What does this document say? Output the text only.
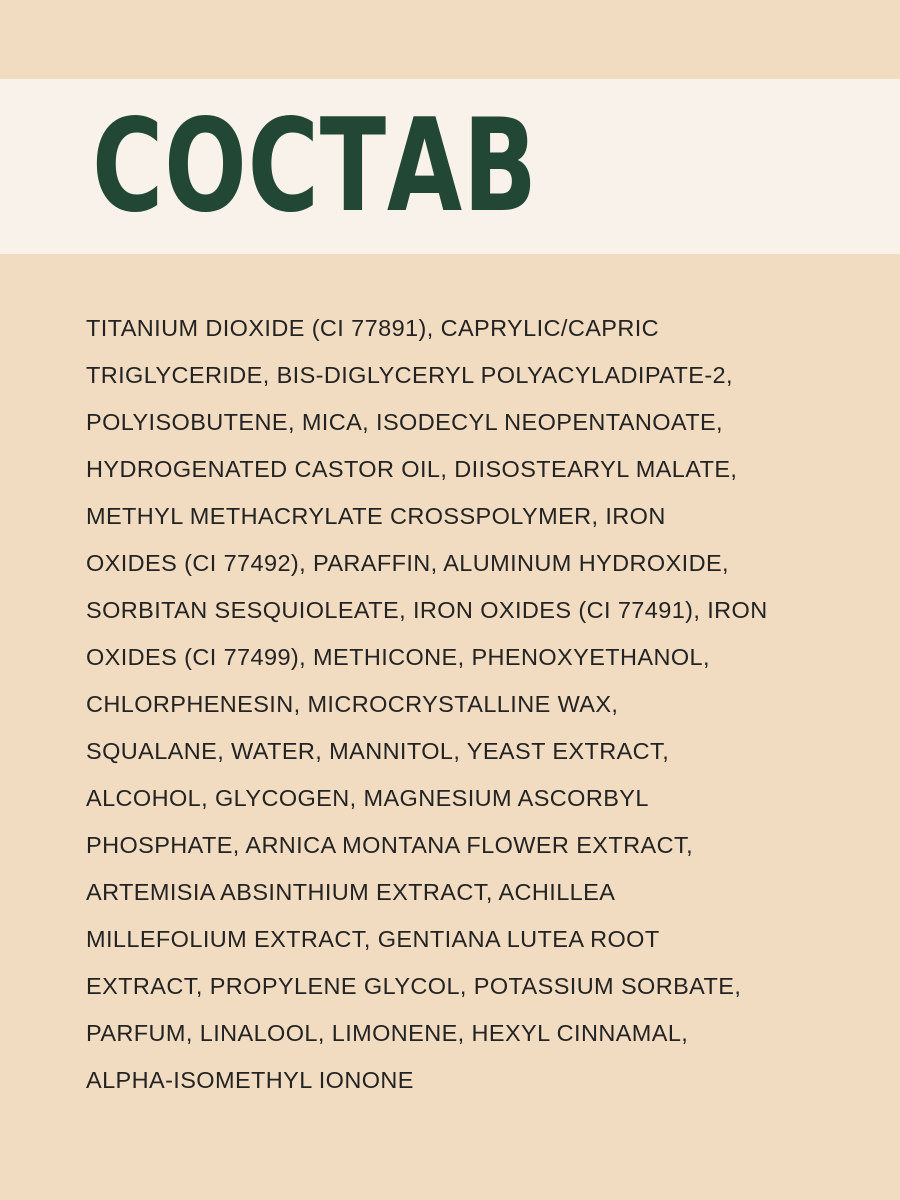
СОСТАВ
TITANIUM DIOXIDE (CI 77891), CAPRYLIC/CAPRIC
TRIGLYCERIDE, BIS-DIGLYCERYL POLYACYLADIPATE-2,
POLYISOBUTENE, MICA, ISODECYL NEOPENTANOATE,
HYDROGENATED CASTOR OIL, DIISOSTEARYL MALATE,
METHYL METHACRYLATE CROSSPOLYMER, IRON
OXIDES (CI 77492), PARAFFIN, ALUMINUM HYDROXIDE,
SORBITAN SESQUIOLEATE, IRON OXIDES (CI 77491), IRON
OXIDES (CI 77499), METHICONE, PHENOXYETHANOL,
CHLORPHENESIN, MICROCRYSTALLINE WAX,
SQUALANE, WATER, MANNITOL, YEAST EXTRACT,
ALCOHOL, GLYCOGEN, MAGNESIUM ASCORBYL
PHOSPHATE, ARNICA MONTANA FLOWER EXTRACT,
ARTEMISIA ABSINTHIUM EXTRACT, ACHILLEA
MILLEFOLIUM EXTRACT, GENTIANA LUTEA ROOT
EXTRACT, PROPYLENE GLYCOL, POTASSIUM SORBATE,
PARFUM, LINALOOL, LIMONENE, HEXYL CINNAMAL,
ALPHA-ISOMETHYL IONONE
